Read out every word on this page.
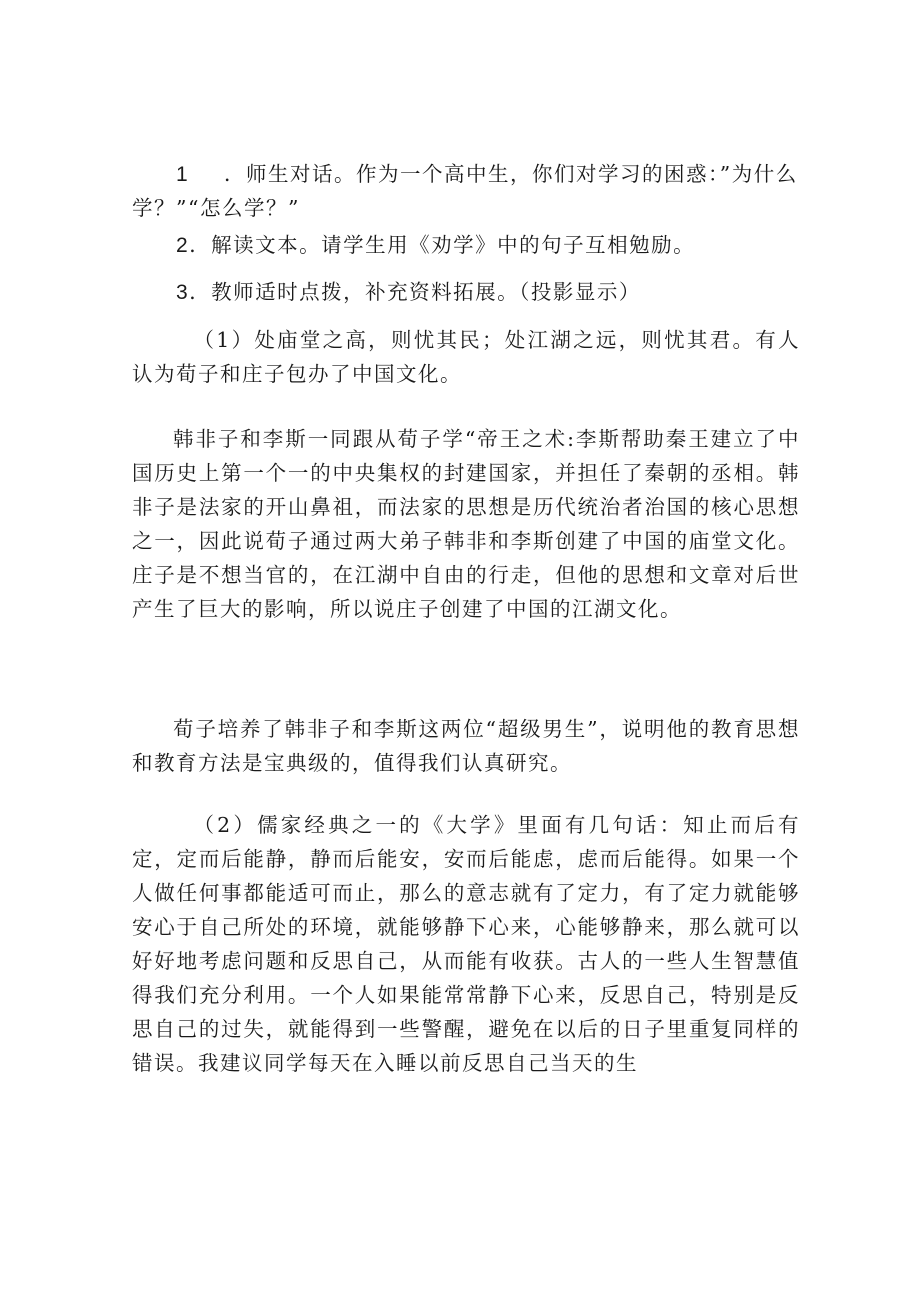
1 ．师生对话。作为一个高中生，你们对学习的困惑：”为什么
学？”“怎么学？”
2．解读文本。请学生用《劝学》中的句子互相勉励。
3．教师适时点拨，补充资料拓展。（投影显示）

（1）处庙堂之高，则忧其民；处江湖之远，则忧其君。有人认为荀子和庄子包办了中国文化。

韩非子和李斯一同跟从荀子学“帝王之术:李斯帮助秦王建立了中国历史上第一个一的中央集权的封建国家，并担任了秦朝的丞相。韩非子是法家的开山鼻祖，而法家的思想是历代统治者治国的核心思想之一，因此说荀子通过两大弟子韩非和李斯创建了中国的庙堂文化。庄子是不想当官的，在江湖中自由的行走，但他的思想和文章对后世产生了巨大的影响，所以说庄子创建了中国的江湖文化。

荀子培养了韩非子和李斯这两位“超级男生”，说明他的教育思想和教育方法是宝典级的，值得我们认真研究。

（2）儒家经典之一的《大学》里面有几句话：知止而后有定，定而后能静，静而后能安，安而后能虑，虑而后能得。如果一个人做任何事都能适可而止，那么的意志就有了定力，有了定力就能够安心于自己所处的环境，就能够静下心来，心能够静来，那么就可以好好地考虑问题和反思自己，从而能有收获。古人的一些人生智慧值得我们充分利用。一个人如果能常常静下心来，反思自己，特别是反思自己的过失，就能得到一些警醒，避免在以后的日子里重复同样的错误。我建议同学每天在入睡以前反思自己当天的生
